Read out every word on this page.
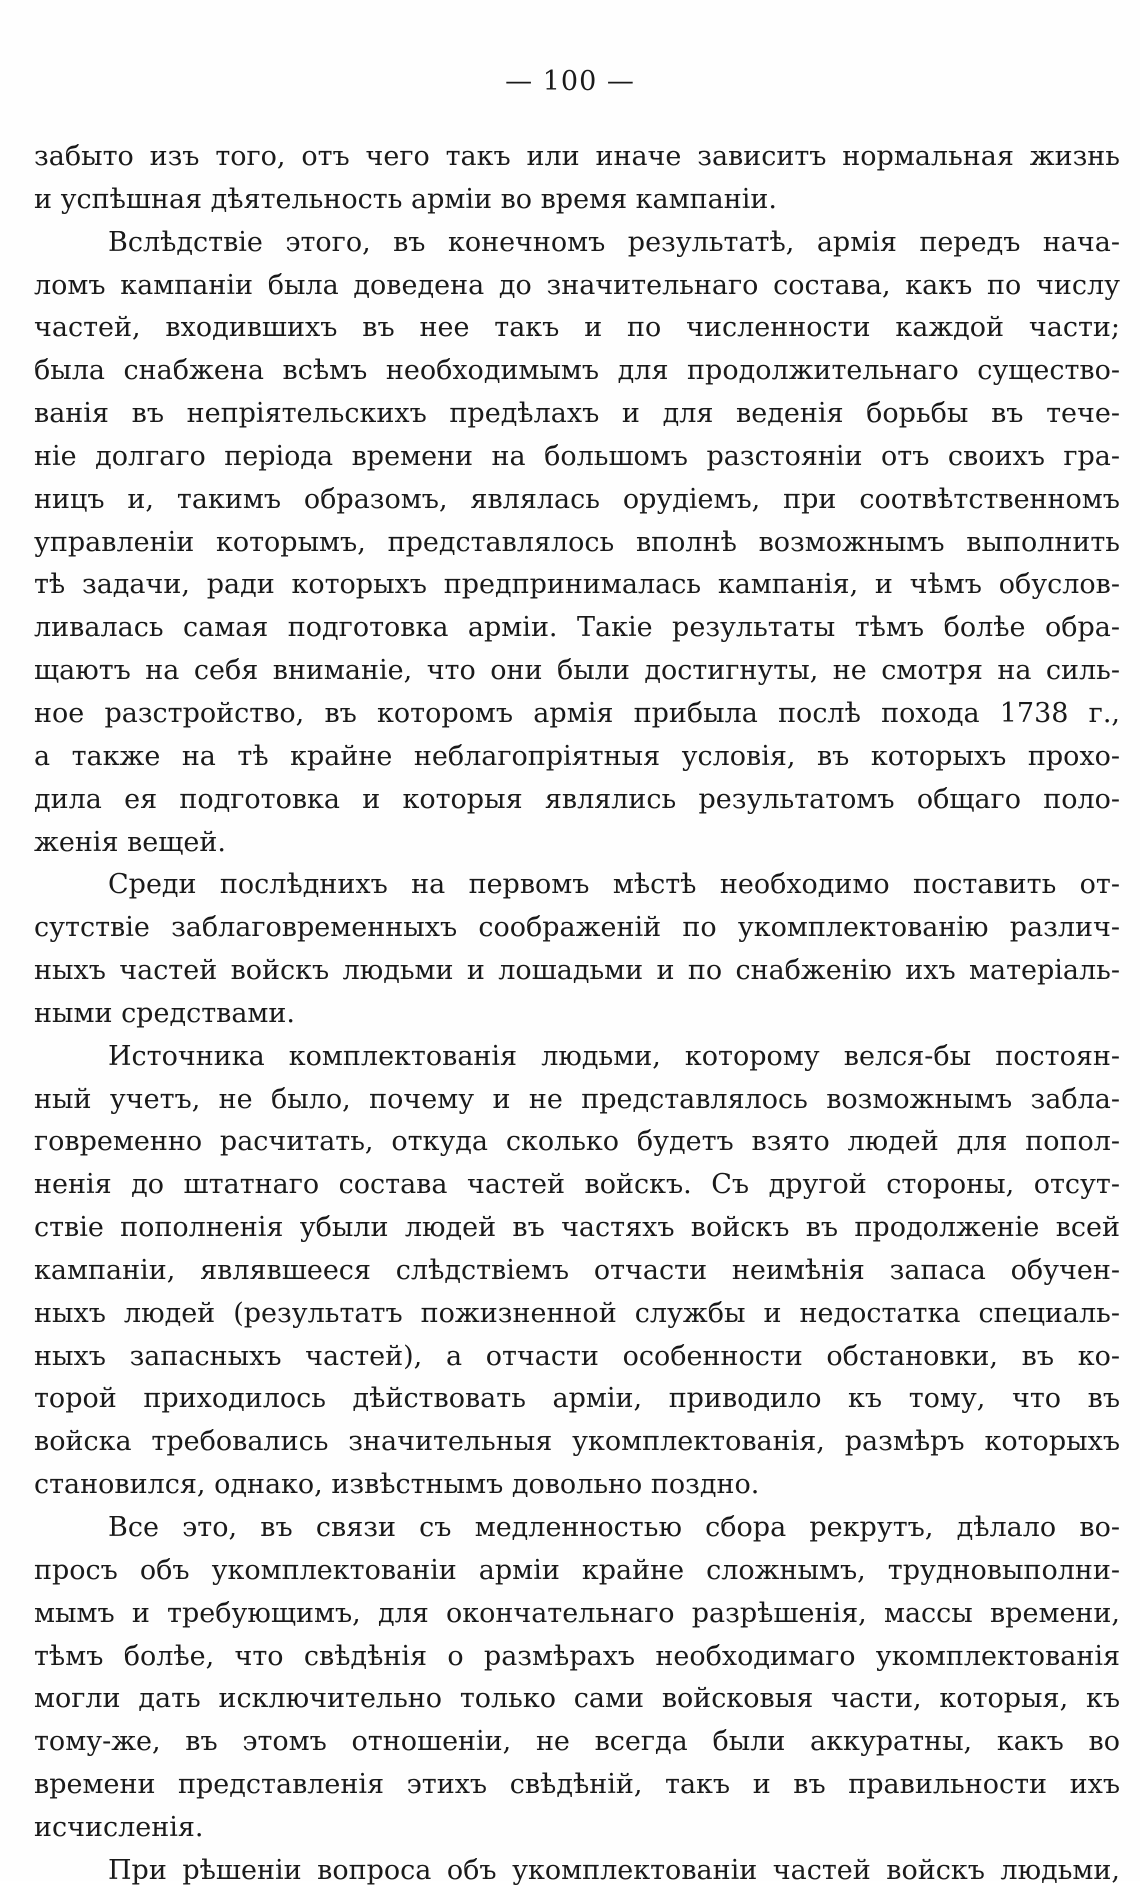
— 100 —
забыто изъ того, отъ чего такъ или иначе зависитъ нормальная жизнь
и успѣшная дѣятельность арміи во время кампаніи.
Вслѣдствіе этого, въ конечномъ результатѣ, армія передъ нача-
ломъ кампаніи была доведена до значительнаго состава, какъ по числу
частей, входившихъ въ нее такъ и по численности каждой части;
была снабжена всѣмъ необходимымъ для продолжительнаго существо-
ванія въ непріятельскихъ предѣлахъ и для веденія борьбы въ тече-
ніе долгаго періода времени на большомъ разстояніи отъ своихъ гра-
ницъ и, такимъ образомъ, являлась орудіемъ, при соотвѣтственномъ
управленіи которымъ, представлялось вполнѣ возможнымъ выполнить
тѣ задачи, ради которыхъ предпринималась кампанія, и чѣмъ обуслов-
ливалась самая подготовка арміи. Такіе результаты тѣмъ болѣе обра-
щаютъ на себя вниманіе, что они были достигнуты, не смотря на силь-
ное разстройство, въ которомъ армія прибыла послѣ похода 1738 г.,
а также на тѣ крайне неблагопріятныя условія, въ которыхъ прохо-
дила ея подготовка и которыя являлись результатомъ общаго поло-
женія вещей.
Среди послѣднихъ на первомъ мѣстѣ необходимо поставить от-
сутствіе заблаговременныхъ соображеній по укомплектованію различ-
ныхъ частей войскъ людьми и лошадьми и по снабженію ихъ матеріаль-
ными средствами.
Источника комплектованія людьми, которому велся-бы постоян-
ный учетъ, не было, почему и не представлялось возможнымъ забла-
говременно расчитать, откуда сколько будетъ взято людей для попол-
ненія до штатнаго состава частей войскъ. Съ другой стороны, отсут-
ствіе пополненія убыли людей въ частяхъ войскъ въ продолженіе всей
кампаніи, являвшееся слѣдствіемъ отчасти неимѣнія запаса обучен-
ныхъ людей (результатъ пожизненной службы и недостатка специаль-
ныхъ запасныхъ частей), а отчасти особенности обстановки, въ ко-
торой приходилось дѣйствовать арміи, приводило къ тому, что въ
войска требовались значительныя укомплектованія, размѣръ которыхъ
становился, однако, извѣстнымъ довольно поздно.
Все это, въ связи съ медленностью сбора рекрутъ, дѣлало во-
просъ объ укомплектованіи арміи крайне сложнымъ, трудновыполни-
мымъ и требующимъ, для окончательнаго разрѣшенія, массы времени,
тѣмъ болѣе, что свѣдѣнія о размѣрахъ необходимаго укомплектованія
могли дать исключительно только сами войсковыя части, которыя, къ
тому-же, въ этомъ отношеніи, не всегда были аккуратны, какъ во
времени представленія этихъ свѣдѣній, такъ и въ правильности ихъ
исчисленія.
При рѣшеніи вопроса объ укомплектованіи частей войскъ людьми,
